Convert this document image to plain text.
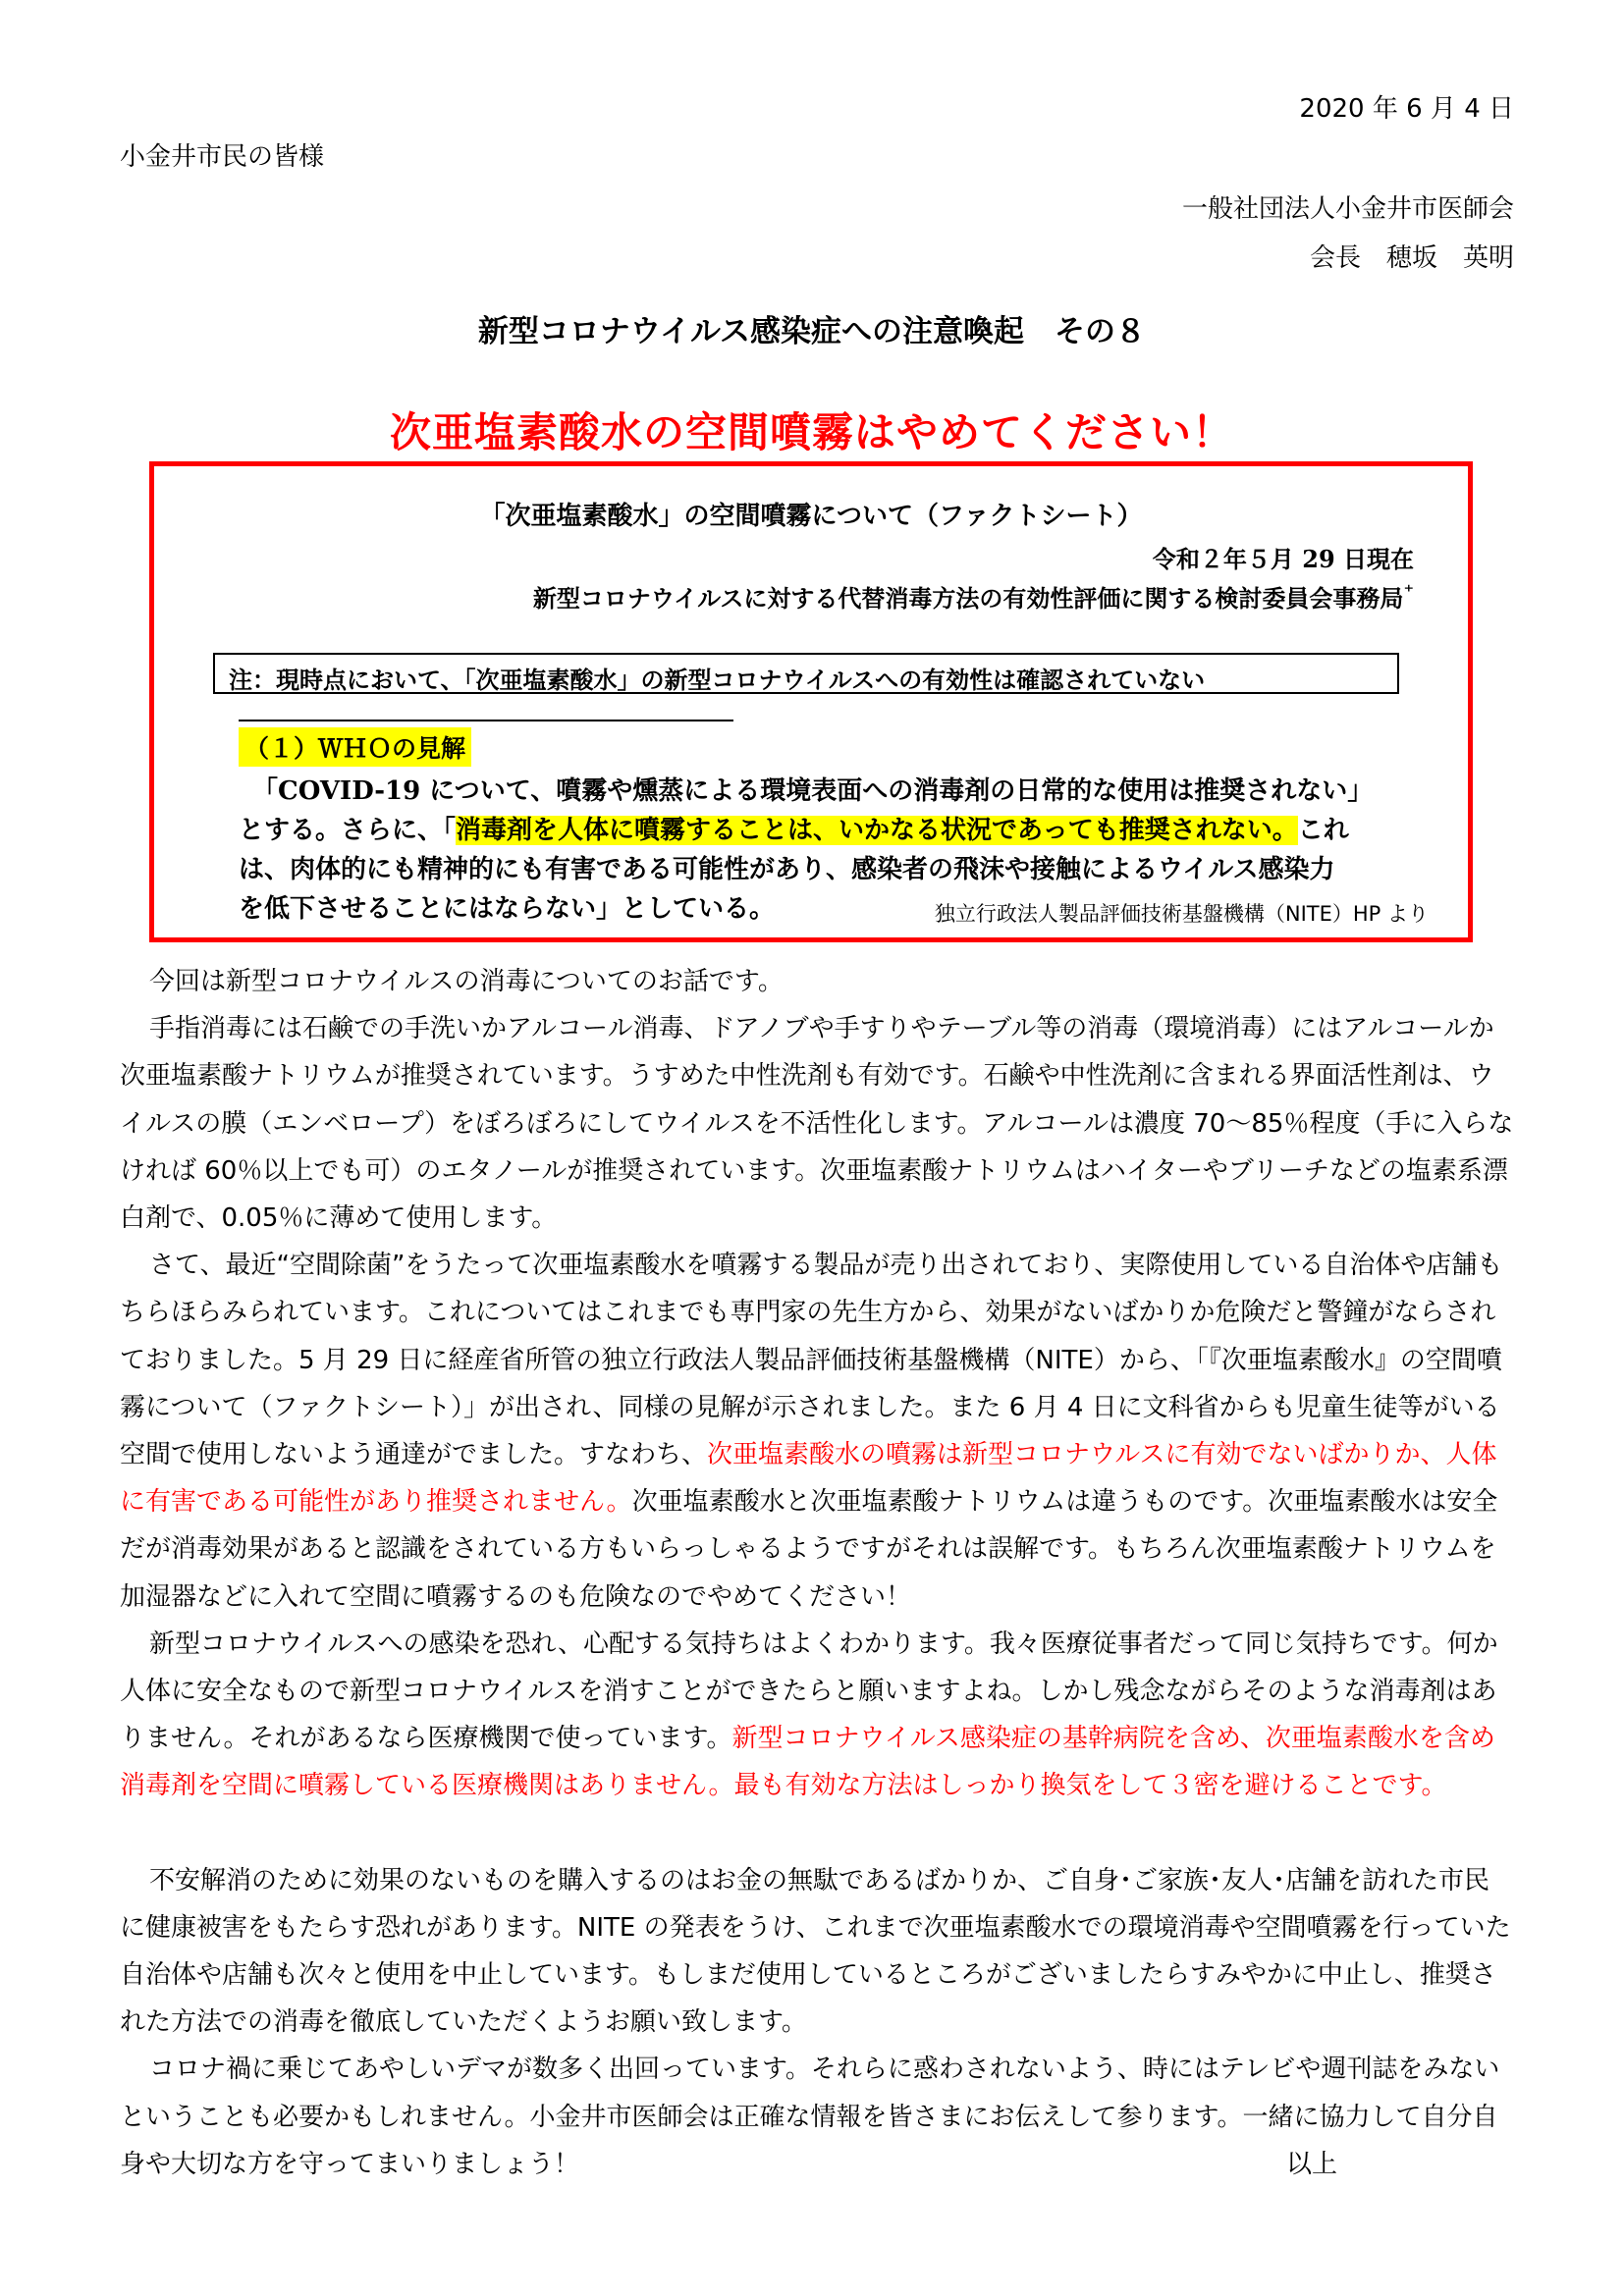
2020 年 6 月 4 日
小金井市民の皆様
一般社団法人小金井市医師会
会長　穂坂　英明
新型コロナウイルス感染症への注意喚起　その８
次亜塩素酸水の空間噴霧はやめてください！
「次亜塩素酸水」の空間噴霧について（ファクトシート）
令和２年５月 29 日現在
新型コロナウイルスに対する代替消毒方法の有効性評価に関する検討委員会事務局⁺
注：現時点において、「次亜塩素酸水」の新型コロナウイルスへの有効性は確認されていない
（１）ＷＨＯの見解
「COVID-19 について、噴霧や燻蒸による環境表面への消毒剤の日常的な使用は推奨されない」
とする。さらに、「消毒剤を人体に噴霧することは、いかなる状況であっても推奨されない。これ
は、肉体的にも精神的にも有害である可能性があり、感染者の飛沫や接触によるウイルス感染力
を低下させることにはならない」としている。	独立行政法人製品評価技術基盤機構（NITE）HP より

今回は新型コロナウイルスの消毒についてのお話です。

手指消毒には石鹸での手洗いかアルコール消毒、ドアノブや手すりやテーブル等の消毒（環境消毒）にはアルコールか次亜塩素酸ナトリウムが推奨されています。うすめた中性洗剤も有効です。石鹸や中性洗剤に含まれる界面活性剤は、ウイルスの膜（エンベロープ）をぼろぼろにしてウイルスを不活性化します。アルコールは濃度 70～85％程度（手に入らなければ 60％以上でも可）のエタノールが推奨されています。次亜塩素酸ナトリウムはハイターやブリーチなどの塩素系漂白剤で、0.05％に薄めて使用します。

さて、最近“空間除菌”をうたって次亜塩素酸水を噴霧する製品が売り出されており、実際使用している自治体や店舗もちらほらみられています。これについてはこれまでも専門家の先生方から、効果がないばかりか危険だと警鐘がならされておりました。5 月 29 日に経産省所管の独立行政法人製品評価技術基盤機構（NITE）から、「『次亜塩素酸水』の空間噴霧について（ファクトシート）」が出され、同様の見解が示されました。また 6 月 4 日に文科省からも児童生徒等がいる空間で使用しないよう通達がでました。すなわち、次亜塩素酸水の噴霧は新型コロナウルスに有効でないばかりか、人体に有害である可能性があり推奨されません。次亜塩素酸水と次亜塩素酸ナトリウムは違うものです。次亜塩素酸水は安全だが消毒効果があると認識をされている方もいらっしゃるようですがそれは誤解です。もちろん次亜塩素酸ナトリウムを加湿器などに入れて空間に噴霧するのも危険なのでやめてください！

新型コロナウイルスへの感染を恐れ、心配する気持ちはよくわかります。我々医療従事者だって同じ気持ちです。何か人体に安全なもので新型コロナウイルスを消すことができたらと願いますよね。しかし残念ながらそのような消毒剤はありません。それがあるなら医療機関で使っています。新型コロナウイルス感染症の基幹病院を含め、次亜塩素酸水を含め消毒剤を空間に噴霧している医療機関はありません。最も有効な方法はしっかり換気をして３密を避けることです。

不安解消のために効果のないものを購入するのはお金の無駄であるばかりか、ご自身･ご家族･友人･店舗を訪れた市民に健康被害をもたらす恐れがあります。NITE の発表をうけ、これまで次亜塩素酸水での環境消毒や空間噴霧を行っていた自治体や店舗も次々と使用を中止しています。もしまだ使用しているところがございましたらすみやかに中止し、推奨された方法での消毒を徹底していただくようお願い致します。

コロナ禍に乗じてあやしいデマが数多く出回っています。それらに惑わされないよう、時にはテレビや週刊誌をみないということも必要かもしれません。小金井市医師会は正確な情報を皆さまにお伝えして参ります。一緒に協力して自分自身や大切な方を守ってまいりましょう！	以上
